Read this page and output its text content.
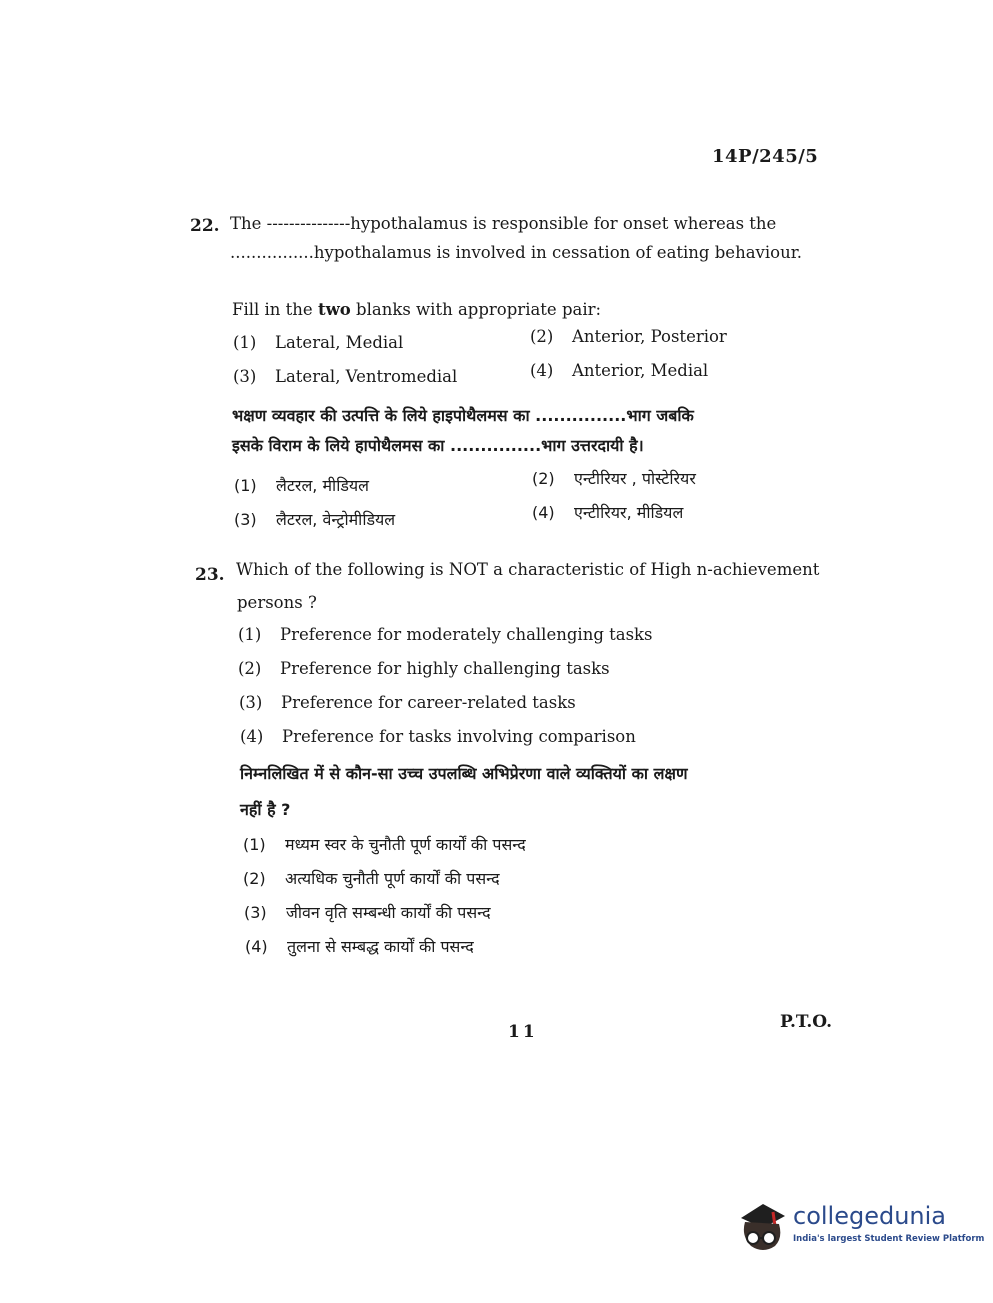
14P/245/5
22. The ---------------hypothalamus is responsible for onset whereas the
................hypothalamus is involved in cessation of eating behaviour.
Fill in the two blanks with appropriate pair:
(1) Lateral, Medial	(2) Anterior, Posterior
(3) Lateral, Ventromedial	(4) Anterior, Medial
भक्षण व्यवहार की उत्पत्ति के लिये हाइपोथैलमस का ...............भाग जबकि
इसके विराम के लिये हापोथैलमस का ...............भाग उत्तरदायी है।
(1) लैटरल, मीडियल	(2) एन्टीरियर , पोस्टेरियर
(3) लैटरल, वेन्ट्रोमीडियल	(4) एन्टीरियर, मीडियल
23. Which of the following is NOT a characteristic of High n-achievement
persons ?
(1) Preference for moderately challenging tasks
(2) Preference for highly challenging tasks
(3) Preference for career-related tasks
(4) Preference for tasks involving comparison
निम्नलिखित में से कौन-सा उच्च उपलब्धि अभिप्रेरणा वाले व्यक्तियों का लक्षण
नहीं है ?
(1) मध्यम स्वर के चुनौती पूर्ण कार्यों की पसन्द
(2) अत्यधिक चुनौती पूर्ण कार्यों की पसन्द
(3) जीवन वृति सम्बन्धी कार्यों की पसन्द
(4) तुलना से सम्बद्ध कार्यों की पसन्द
11	P.T.O.
collegedunia
India's largest Student Review Platform
